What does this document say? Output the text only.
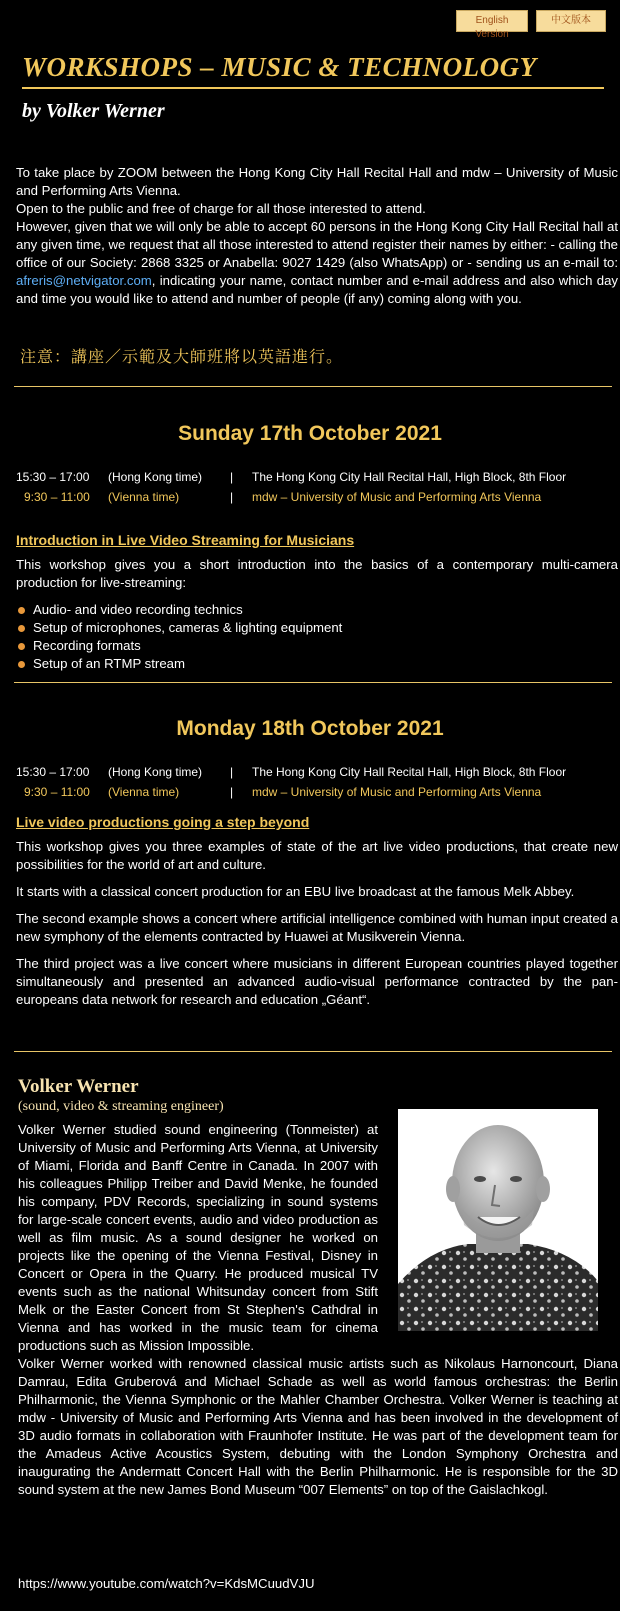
English Version
中文版本
WORKSHOPS – MUSIC & TECHNOLOGY
by Volker Werner

To take place by ZOOM between the Hong Kong City Hall Recital Hall and mdw – University of Music and Performing Arts Vienna.

Open to the public and free of charge for all those interested to attend.

However, given that we will only be able to accept 60 persons in the Hong Kong City Hall Recital hall at any given time, we request that all those interested to attend register their names by either: - calling the office of our Society: 2868 3325 or Anabella: 9027 1429 (also WhatsApp) or - sending us an e-mail to: afreris@netvigator.com, indicating your name, contact number and e-mail address and also which day and time you would like to attend and number of people (if any) coming along with you.

注意：講座／示範及大師班將以英語進行。

Sunday 17th October 2021
15:30 – 17:00 (Hong Kong time) | The Hong Kong City Hall Recital Hall, High Block, 8th Floor
9:30 – 11:00 (Vienna time)	| mdw – University of Music and Performing Arts Vienna
Introduction in Live Video Streaming for Musicians

This workshop gives you a short introduction into the basics of a contemporary multi-camera production for live-streaming:

Audio- and video recording technics
Setup of microphones, cameras & lighting equipment
Recording formats
Setup of an RTMP stream
Monday 18th October 2021
15:30 – 17:00 (Hong Kong time) | The Hong Kong City Hall Recital Hall, High Block, 8th Floor
9:30 – 11:00 (Vienna time)	| mdw – University of Music and Performing Arts Vienna
Live video productions going a step beyond

This workshop gives you three examples of state of the art live video productions, that create new possibilities for the world of art and culture.

It starts with a classical concert production for an EBU live broadcast at the famous Melk Abbey.

The second example shows a concert where artificial intelligence combined with human input created a new symphony of the elements contracted by Huawei at Musikverein Vienna.

The third project was a live concert where musicians in different European countries played together simultaneously and presented an advanced audio-visual performance contracted by the pan-europeans data network for research and education „Géant“.

Volker Werner

(sound, video & streaming engineer)

Volker Werner studied sound engineering (Tonmeister) at University of Music and Performing Arts Vienna, at University of Miami, Florida and Banff Centre in Canada. In 2007 with his colleagues Philipp Treiber and David Menke, he founded his company, PDV Records, specializing in sound systems for large-scale concert events, audio and video production as well as film music. As a sound designer he worked on projects like the opening of the Vienna Festival, Disney in Concert or Opera in the Quarry. He produced musical TV events such as the national Whitsunday concert from Stift Melk or the Easter Concert from St Stephen's Cathdral in Vienna and has worked in the music team for cinema productions such as Mission Impossible.

Volker Werner worked with renowned classical music artists such as Nikolaus Harnoncourt, Diana Damrau, Edita Gruberová and Michael Schade as well as world famous orchestras: the Berlin Philharmonic, the Vienna Symphonic or the Mahler Chamber Orchestra. Volker Werner is teaching at mdw - University of Music and Performing Arts Vienna and has been involved in the development of 3D audio formats in collaboration with Fraunhofer Institute. He was part of the development team for the Amadeus Active Acoustics System, debuting with the London Symphony Orchestra and inaugurating the Andermatt Concert Hall with the Berlin Philharmonic. He is responsible for the 3D sound system at the new James Bond Museum “007 Elements” on top of the Gaislachkogl.

https://www.youtube.com/watch?v=KdsMCuudVJU
